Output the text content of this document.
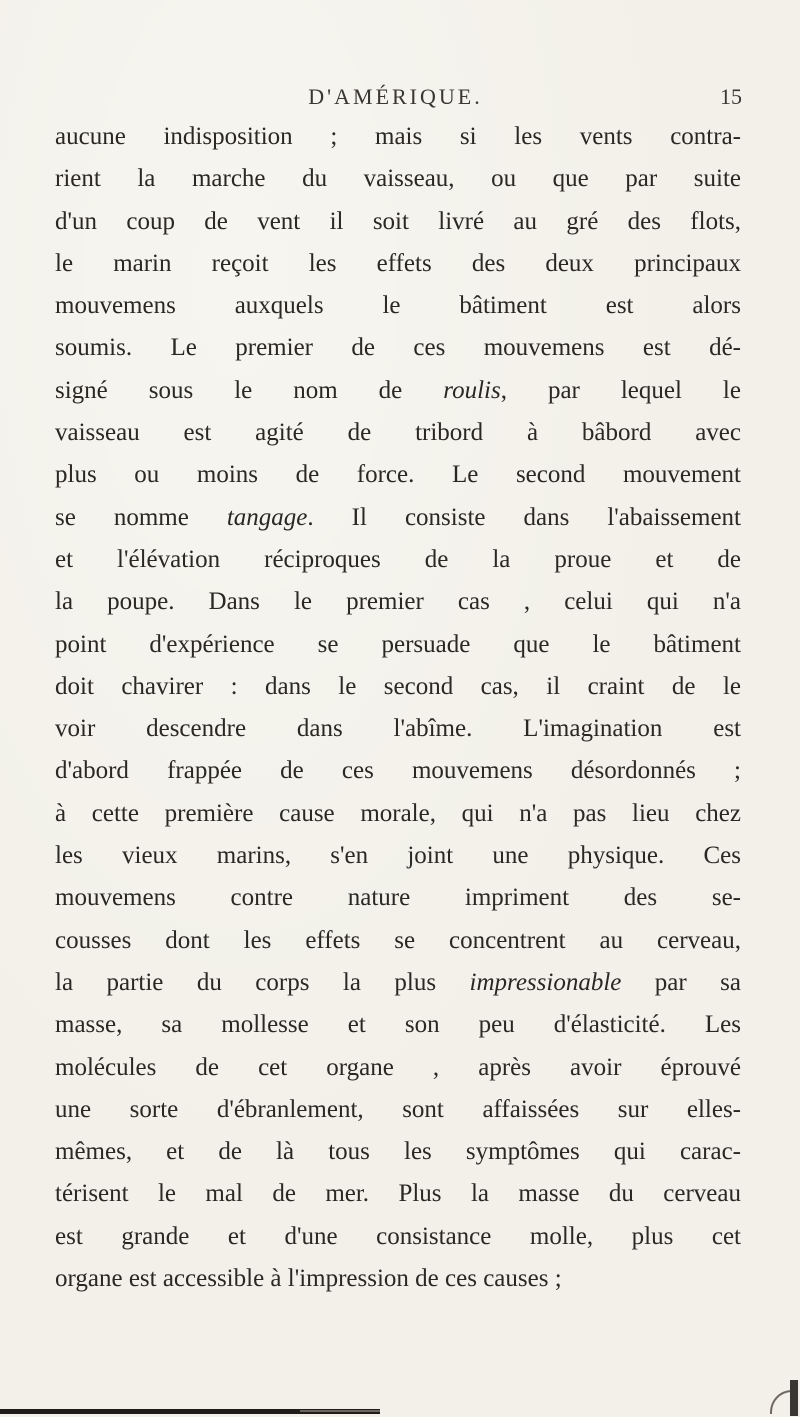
D'AMÉRIQUE.	15
aucune indisposition ; mais si les vents contra-
rient la marche du vaisseau, ou que par suite
d'un coup de vent il soit livré au gré des flots,
le marin reçoit les effets des deux principaux
mouvemens auxquels le bâtiment est alors
soumis. Le premier de ces mouvemens est dé-
signé sous le nom de roulis, par lequel le
vaisseau est agité de tribord à bâbord avec
plus ou moins de force. Le second mouvement
se nomme tangage. Il consiste dans l'abaissement
et l'élévation réciproques de la proue et de
la poupe. Dans le premier cas , celui qui n'a
point d'expérience se persuade que le bâtiment
doit chavirer : dans le second cas, il craint de le
voir descendre dans l'abîme. L'imagination est
d'abord frappée de ces mouvemens désordonnés ;
à cette première cause morale, qui n'a pas lieu chez
les vieux marins, s'en joint une physique. Ces
mouvemens contre nature impriment des se-
cousses dont les effets se concentrent au cerveau,
la partie du corps la plus impressionable par sa
masse, sa mollesse et son peu d'élasticité. Les
molécules de cet organe , après avoir éprouvé
une sorte d'ébranlement, sont affaissées sur elles-
mêmes, et de là tous les symptômes qui carac-
térisent le mal de mer. Plus la masse du cerveau
est grande et d'une consistance molle, plus cet
organe est accessible à l'impression de ces causes ;
